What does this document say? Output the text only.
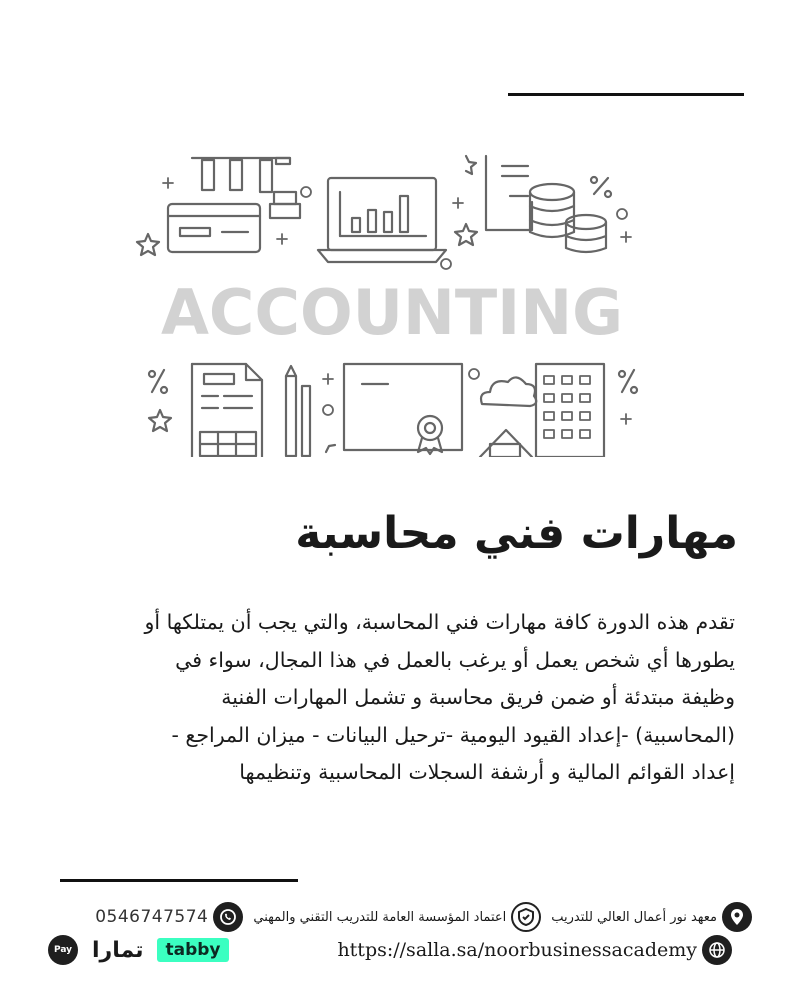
ACCOUNTING
مهارات فني محاسبة
تقدم هذه الدورة كافة مهارات فني المحاسبة، والتي يجب أن يمتلكها أو
يطورها أي شخص يعمل أو يرغب بالعمل في هذا المجال، سواء في
وظيفة مبتدئة أو ضمن فريق محاسبة و تشمل المهارات الفنية
(المحاسبية) -إعداد القيود اليومية -ترحيل البيانات - ميزان المراجع -
إعداد القوائم المالية و أرشفة السجلات المحاسبية وتنظيمها
معهد نور أعمال العالي للتدريب
اعتماد المؤسسة العامة للتدريب التقني والمهني
0546747574
https://salla.sa/noorbusinessacademy
Pay تمارا	tabby
